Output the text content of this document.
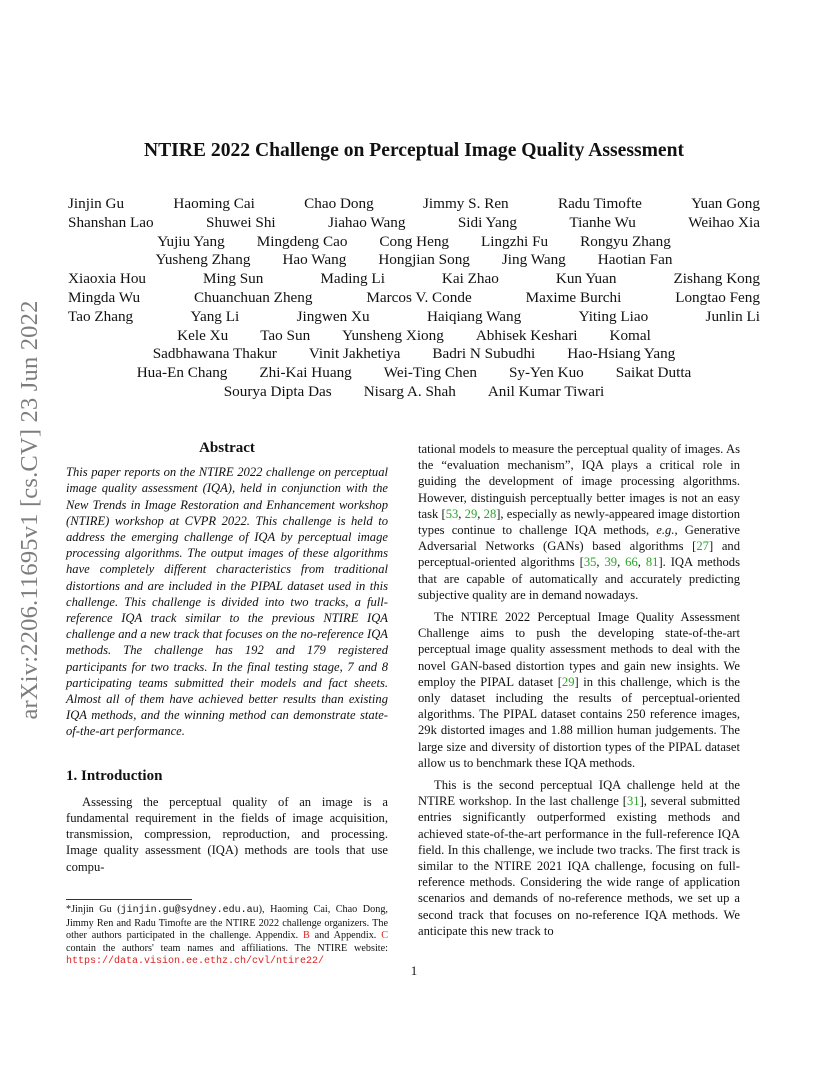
arXiv:2206.11695v1 [cs.CV] 23 Jun 2022
NTIRE 2022 Challenge on Perceptual Image Quality Assessment
Jinjin Gu	Haoming Cai	Chao Dong	Jimmy S. Ren	Radu Timofte	Yuan Gong
Shanshan Lao	Shuwei Shi	Jiahao Wang	Sidi Yang	Tianhe Wu	Weihao Xia
Yujiu Yang	Mingdeng Cao	Cong Heng	Lingzhi Fu	Rongyu Zhang
Yusheng Zhang	Hao Wang	Hongjian Song	Jing Wang	Haotian Fan
Xiaoxia Hou	Ming Sun	Mading Li	Kai Zhao	Kun Yuan	Zishang Kong
Mingda Wu	Chuanchuan Zheng	Marcos V. Conde	Maxime Burchi	Longtao Feng
Tao Zhang	Yang Li	Jingwen Xu	Haiqiang Wang	Yiting Liao	Junlin Li
Kele Xu	Tao Sun	Yunsheng Xiong	Abhisek Keshari	Komal
Sadbhawana Thakur	Vinit Jakhetiya	Badri N Subudhi	Hao-Hsiang Yang
Hua-En Chang	Zhi-Kai Huang	Wei-Ting Chen	Sy-Yen Kuo	Saikat Dutta
Sourya Dipta Das	Nisarg A. Shah	Anil Kumar Tiwari
Abstract

This paper reports on the NTIRE 2022 challenge on perceptual image quality assessment (IQA), held in conjunction with the New Trends in Image Restoration and Enhancement workshop (NTIRE) workshop at CVPR 2022. This challenge is held to address the emerging challenge of IQA by perceptual image processing algorithms. The output images of these algorithms have completely different characteristics from traditional distortions and are included in the PIPAL dataset used in this challenge. This challenge is divided into two tracks, a full-reference IQA track similar to the previous NTIRE IQA challenge and a new track that focuses on the no-reference IQA methods. The challenge has 192 and 179 registered participants for two tracks. In the final testing stage, 7 and 8 participating teams submitted their models and fact sheets. Almost all of them have achieved better results than existing IQA methods, and the winning method can demonstrate state-of-the-art performance.

1. Introduction

Assessing the perceptual quality of an image is a fundamental requirement in the fields of image acquisition, transmission, compression, reproduction, and processing. Image quality assessment (IQA) methods are tools that use compu-

*Jinjin Gu (jinjin.gu@sydney.edu.au), Haoming Cai, Chao Dong, Jimmy Ren and Radu Timofte are the NTIRE 2022 challenge organizers. The other authors participated in the challenge. Appendix. B and Appendix. C contain the authors' team names and affiliations. The NTIRE website: https://data.vision.ee.ethz.ch/cvl/ntire22/

tational models to measure the perceptual quality of images. As the “evaluation mechanism”, IQA plays a critical role in guiding the development of image processing algorithms. However, distinguish perceptually better images is not an easy task [53, 29, 28], especially as newly-appeared image distortion types continue to challenge IQA methods, e.g., Generative Adversarial Networks (GANs) based algorithms [27] and perceptual-oriented algorithms [35, 39, 66, 81]. IQA methods that are capable of automatically and accurately predicting subjective quality are in demand nowadays.

The NTIRE 2022 Perceptual Image Quality Assessment Challenge aims to push the developing state-of-the-art perceptual image quality assessment methods to deal with the novel GAN-based distortion types and gain new insights. We employ the PIPAL dataset [29] in this challenge, which is the only dataset including the results of perceptual-oriented algorithms. The PIPAL dataset contains 250 reference images, 29k distorted images and 1.88 million human judgements. The large size and diversity of distortion types of the PIPAL dataset allow us to benchmark these IQA methods.

This is the second perceptual IQA challenge held at the NTIRE workshop. In the last challenge [31], several submitted entries significantly outperformed existing methods and achieved state-of-the-art performance in the full-reference IQA field. In this challenge, we include two tracks. The first track is similar to the NTIRE 2021 IQA challenge, focusing on full-reference methods. Considering the wide range of application scenarios and demands of no-reference methods, we set up a second track that focuses on no-reference IQA methods. We anticipate this new track to

1
